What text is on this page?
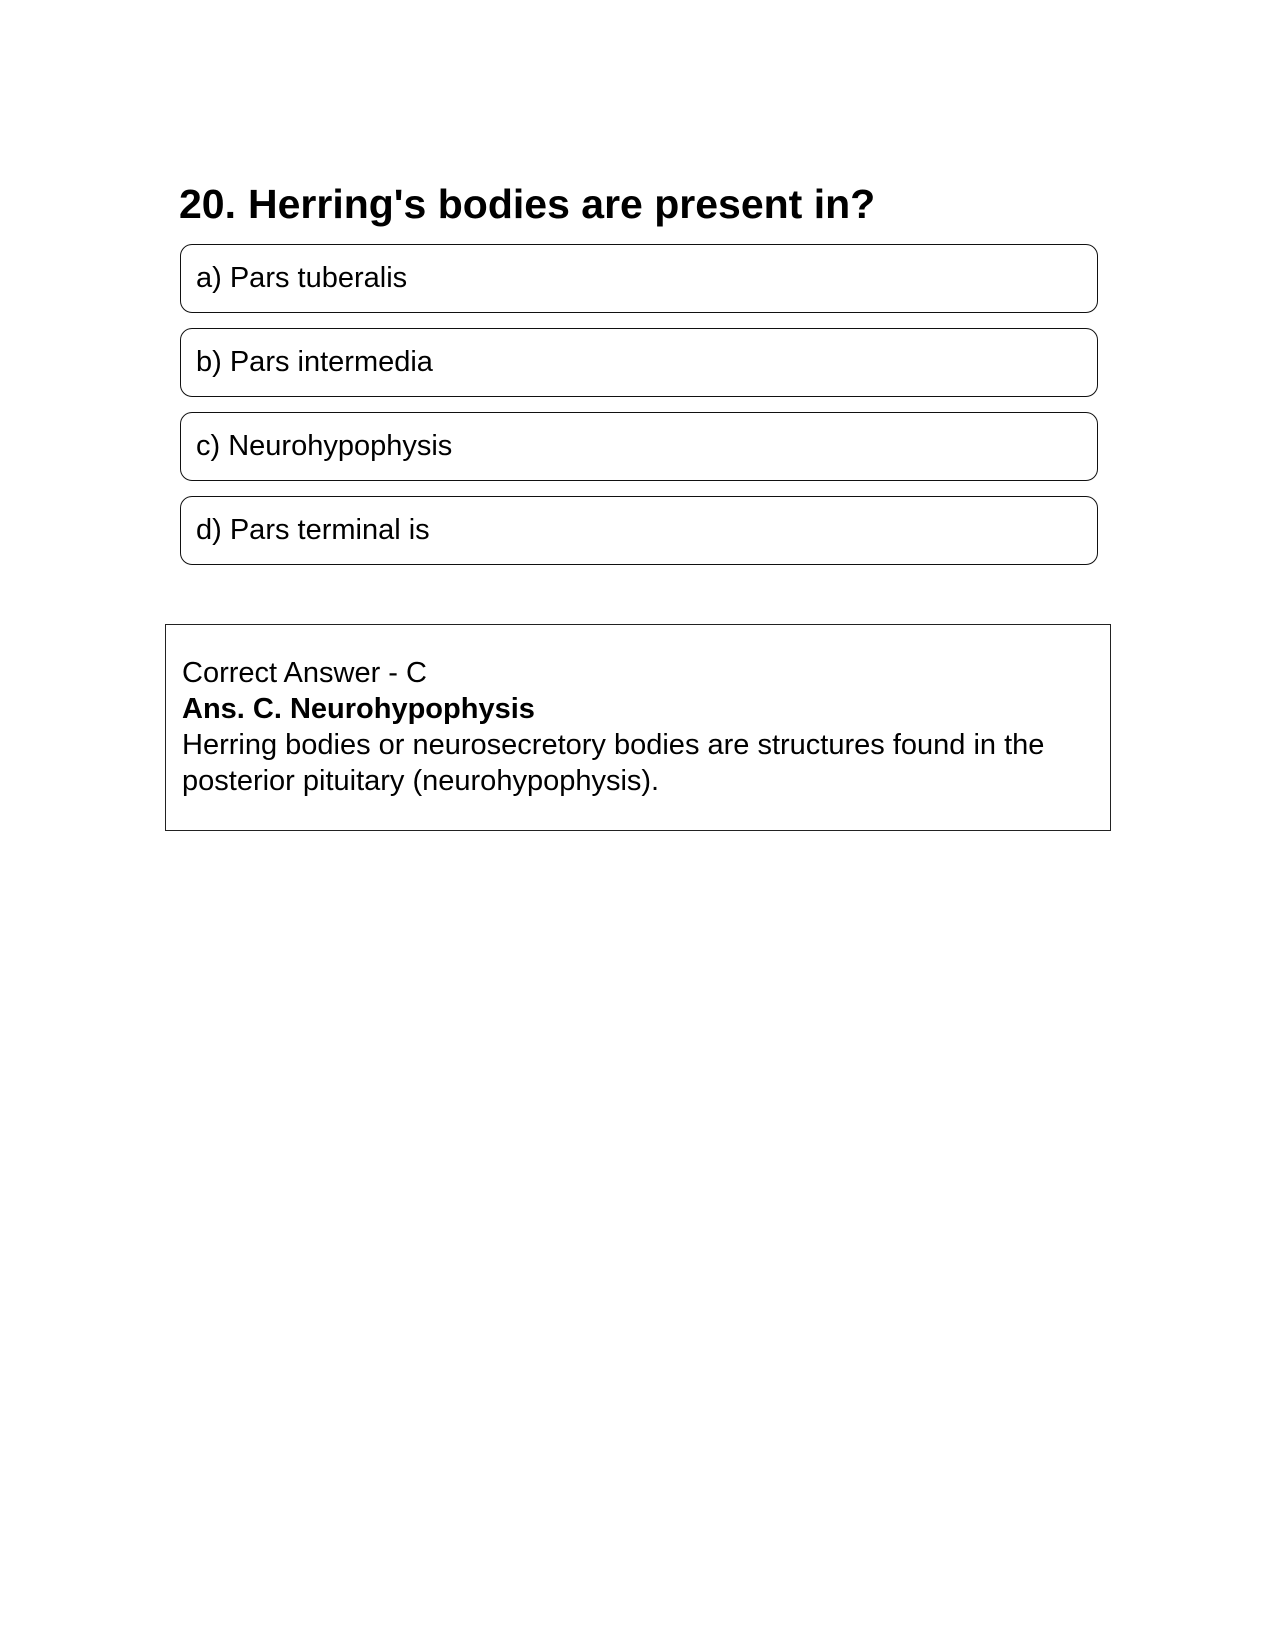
20. Herring's bodies are present in?
a) Pars tuberalis
b) Pars intermedia
c) Neurohypophysis
d) Pars terminal is
Correct Answer - C
Ans. C. Neurohypophysis
Herring bodies or neurosecretory bodies are structures found in the posterior pituitary (neurohypophysis).
